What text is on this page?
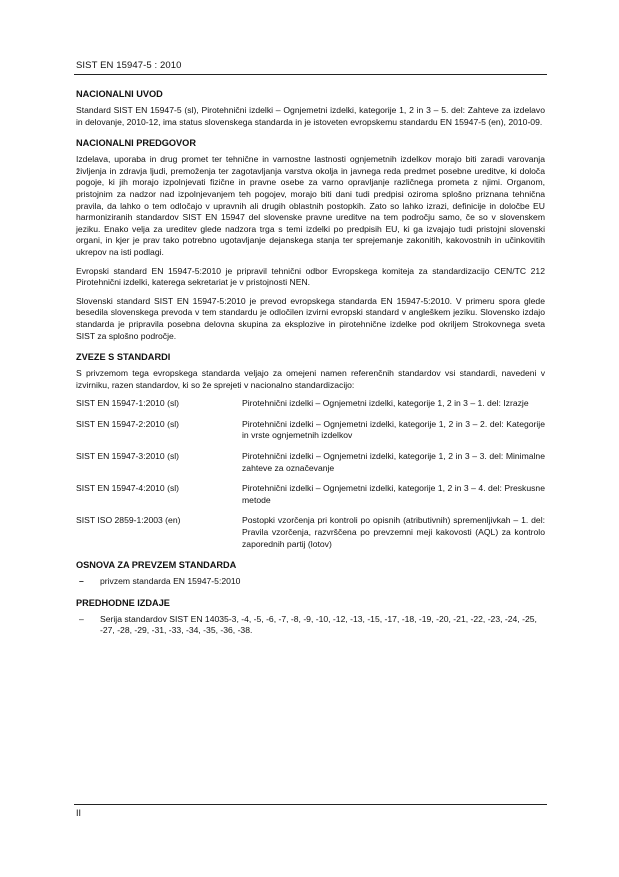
SIST EN 15947-5 : 2010
NACIONALNI UVOD

Standard SIST EN 15947-5 (sl), Pirotehnični izdelki – Ognjemetni izdelki, kategorije 1, 2 in 3 – 5. del: Zahteve za izdelavo in delovanje, 2010-12, ima status slovenskega standarda in je istoveten evropskemu standardu EN 15947-5 (en), 2010-09.

NACIONALNI PREDGOVOR

Izdelava, uporaba in drug promet ter tehnične in varnostne lastnosti ognjemetnih izdelkov morajo biti zaradi varovanja življenja in zdravja ljudi, premoženja ter zagotavljanja varstva okolja in javnega reda predmet posebne ureditve, ki določa pogoje, ki jih morajo izpolnjevati fizične in pravne osebe za varno opravljanje različnega prometa z njimi. Organom, pristojnim za nadzor nad izpolnjevanjem teh pogojev, morajo biti dani tudi predpisi oziroma splošno priznana tehnična pravila, da lahko o tem odločajo v upravnih ali drugih oblastnih postopkih. Zato so lahko izrazi, definicije in določbe EU harmoniziranih standardov SIST EN 15947 del slovenske pravne ureditve na tem področju samo, če so v slovenskem jeziku. Enako velja za ureditev glede nadzora trga s temi izdelki po predpisih EU, ki ga izvajajo tudi pristojni slovenski organi, in kjer je prav tako potrebno ugotavljanje dejanskega stanja ter sprejemanje zakonitih, kakovostnih in učinkovitih ukrepov na isti podlagi.

Evropski standard EN 15947-5:2010 je pripravil tehnični odbor Evropskega komiteja za standardizacijo CEN/TC 212 Pirotehnični izdelki, katerega sekretariat je v pristojnosti NEN.

Slovenski standard SIST EN 15947-5:2010 je prevod evropskega standarda EN 15947-5:2010. V primeru spora glede besedila slovenskega prevoda v tem standardu je odločilen izvirni evropski standard v angleškem jeziku. Slovensko izdajo standarda je pripravila posebna delovna skupina za eksplozive in pirotehnične izdelke pod okriljem Strokovnega sveta SIST za splošno področje.

ZVEZE S STANDARDI

S privzemom tega evropskega standarda veljajo za omejeni namen referenčnih standardov vsi standardi, navedeni v izvirniku, razen standardov, ki so že sprejeti v nacionalno standardizacijo:

SIST EN 15947-1:2010 (sl)	Pirotehnični izdelki – Ognjemetni izdelki, kategorije 1, 2 in 3 – 1. del: Izrazje
SIST EN 15947-2:2010 (sl)	Pirotehnični izdelki – Ognjemetni izdelki, kategorije 1, 2 in 3 – 2. del: Kategorije in vrste ognjemetnih izdelkov
SIST EN 15947-3:2010 (sl)	Pirotehnični izdelki – Ognjemetni izdelki, kategorije 1, 2 in 3 – 3. del: Minimalne zahteve za označevanje
SIST EN 15947-4:2010 (sl)	Pirotehnični izdelki – Ognjemetni izdelki, kategorije 1, 2 in 3 – 4. del: Preskusne metode
SIST ISO 2859-1:2003 (en)	Postopki vzorčenja pri kontroli po opisnih (atributivnih) spremenljivkah – 1. del: Pravila vzorčenja, razvrščena po prevzemni meji kakovosti (AQL) za kontrolo zaporednih partij (lotov)
OSNOVA ZA PREVZEM STANDARDA
–	privzem standarda EN 15947-5:2010
PREDHODNE IZDAJE
–	Serija standardov SIST EN 14035-3, -4, -5, -6, -7, -8, -9, -10, -12, -13, -15, -17, -18, -19, -20, -21, -22, -23, -24, -25, -27, -28, -29, -31, -33, -34, -35, -36, -38.
II
